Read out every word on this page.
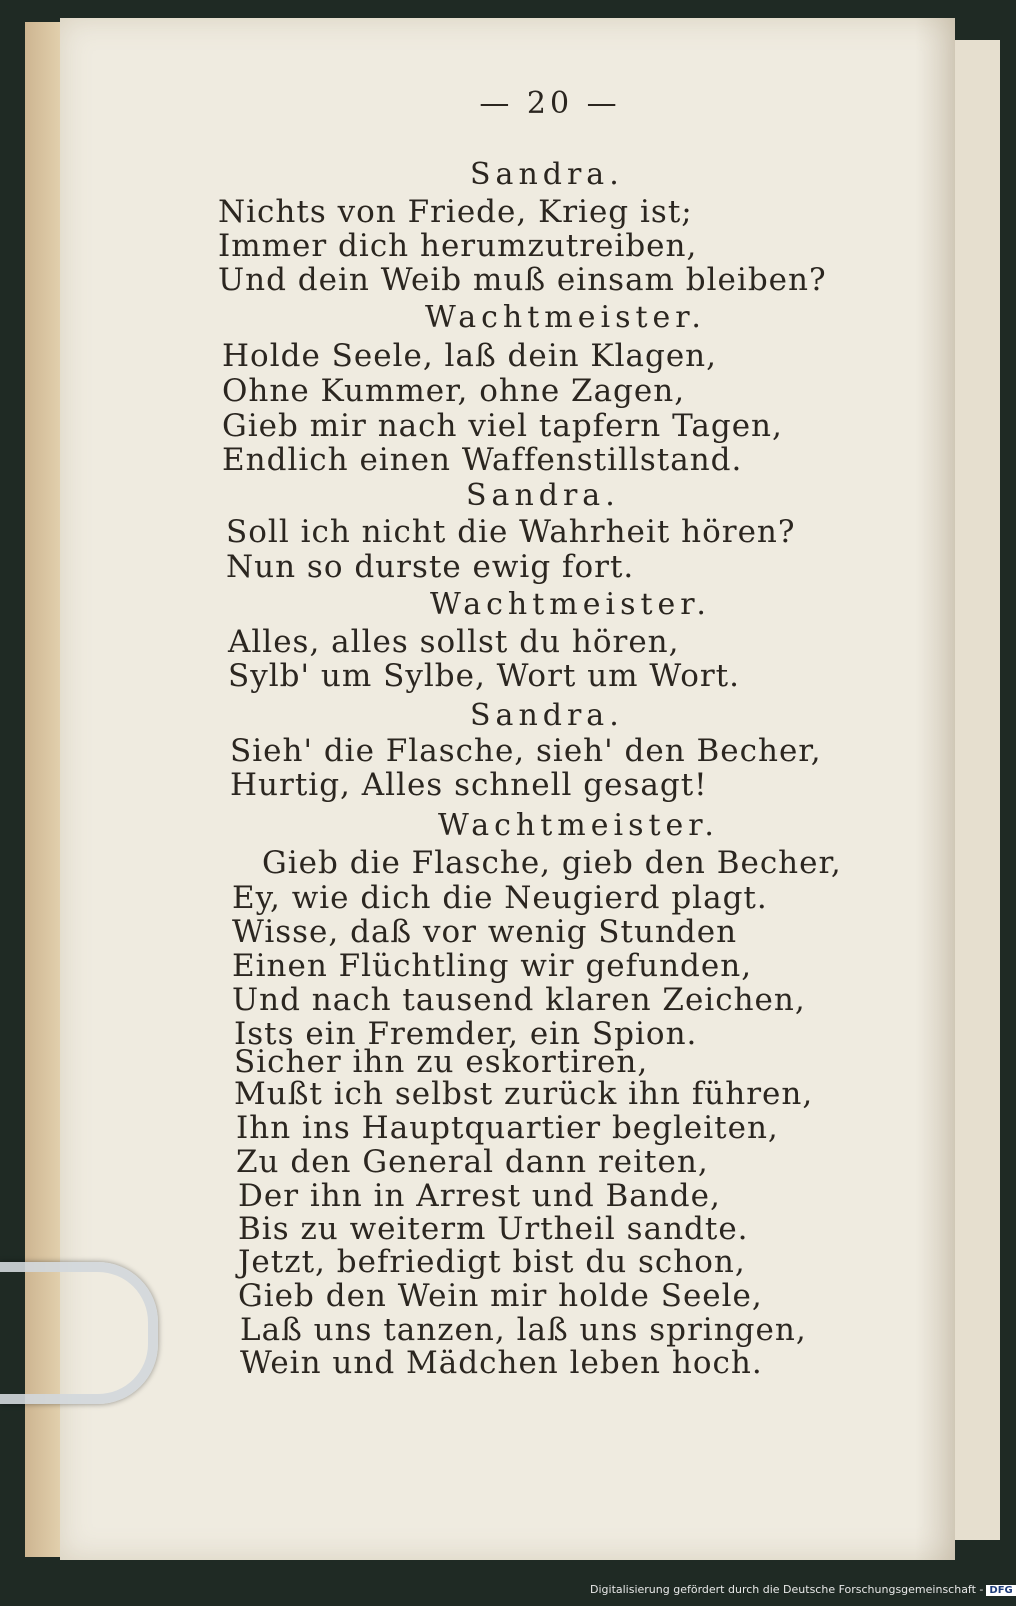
— 20 —
Sandra.
Nichts von Friede, Krieg ist;
Immer dich herumzutreiben,
Und dein Weib muß einsam bleiben?
Wachtmeister.
Holde Seele, laß dein Klagen,
Ohne Kummer, ohne Zagen,
Gieb mir nach viel tapfern Tagen,
Endlich einen Waffenstillstand.
Sandra.
Soll ich nicht die Wahrheit hören?
Nun so durste ewig fort.
Wachtmeister.
Alles, alles sollst du hören,
Sylb' um Sylbe, Wort um Wort.
Sandra.
Sieh' die Flasche, sieh' den Becher,
Hurtig, Alles schnell gesagt!
Wachtmeister.
Gieb die Flasche, gieb den Becher,
Ey, wie dich die Neugierd plagt.
Wisse, daß vor wenig Stunden
Einen Flüchtling wir gefunden,
Und nach tausend klaren Zeichen,
Ists ein Fremder, ein Spion.
Sicher ihn zu eskortiren,
Mußt ich selbst zurück ihn führen,
Ihn ins Hauptquartier begleiten,
Zu den General dann reiten,
Der ihn in Arrest und Bande,
Bis zu weiterm Urtheil sandte.
Jetzt, befriedigt bist du schon,
Gieb den Wein mir holde Seele,
Laß uns tanzen, laß uns springen,
Wein und Mädchen leben hoch.
Digitalisierung gefördert durch die Deutsche Forschungsgemeinschaft - DFG
